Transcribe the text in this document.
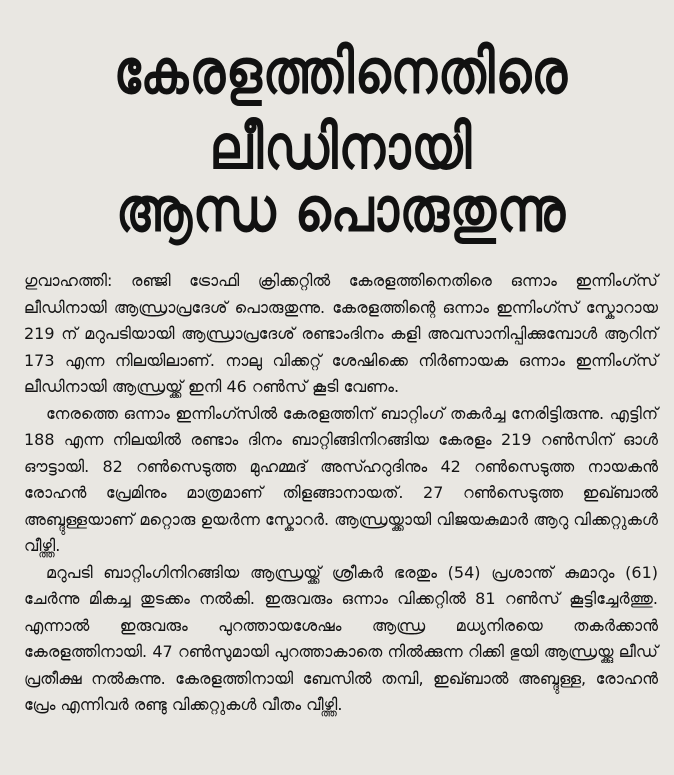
കേരളത്തിനെതിരെ ലീഡിനായി
ആന്ധ പൊരുതുന്നു

ഗുവാഹത്തി: രഞ്ജി ട്രോഫി ക്രിക്കറ്റിൽ കേരളത്തിനെതിരെ ഒന്നാം ഇന്നിംഗ്സ് ലീഡിനായി ആന്ധ്രാപ്രദേശ് പൊരുതുന്നു. കേരളത്തിന്റെ ഒന്നാം ഇന്നിംഗ്സ് സ്കോറായ 219 ന് മറുപടിയായി ആന്ധ്രാപ്രദേശ് രണ്ടാംദിനം കളി അവസാനിപ്പിക്കുമ്പോൾ ആറിന് 173 എന്ന നിലയിലാണ്. നാലു വിക്കറ്റ് ശേഷിക്കെ നിർണായക ഒന്നാം ഇന്നിംഗ്സ് ലീഡിനായി ആന്ധ്രയ്ക്ക് ഇനി 46 റൺസ് കൂടി വേണം.

നേരത്തെ ഒന്നാം ഇന്നിംഗ്സിൽ കേരളത്തിന് ബാറ്റിംഗ് തകർച്ച നേരിട്ടിരുന്നു. എട്ടിന് 188 എന്ന നിലയിൽ രണ്ടാം ദിനം ബാറ്റിങ്ങിനിറങ്ങിയ കേരളം 219 റൺസിന് ഓൾ ഔട്ടായി. 82 റൺസെടുത്ത മുഹമ്മദ് അസ്ഹറുദിനും 42 റൺസെടുത്ത നായകൻ രോഹൻ പ്രേമിനും മാത്രമാണ് തിളങ്ങാനായത്. 27 റൺസെടുത്ത ഇഖ്ബാൽ അബ്ദുള്ളയാണ് മറ്റൊരു ഉയർന്ന സ്കോറർ. ആന്ധ്രയ്ക്കായി വിജയകുമാർ ആറു വിക്കറ്റുകൾ വീഴ്ത്തി.

മറുപടി ബാറ്റിംഗിനിറങ്ങിയ ആന്ധ്രയ്ക്ക് ശ്രീകർ ഭരതും (54) പ്രശാന്ത് കുമാറും (61) ചേർന്നു മികച്ച തുടക്കം നൽകി. ഇരുവരും ഒന്നാം വിക്കറ്റിൽ 81 റൺസ് കൂട്ടിച്ചേർത്തു. എന്നാൽ ഇരുവരും പുറത്തായശേഷം ആന്ധ്ര മധ്യനിരയെ തകർക്കാൻ കേരളത്തിനായി. 47 റൺസുമായി പുറത്താകാതെ നിൽക്കുന്ന റിക്കി ഭുയി ആന്ധ്രയ്ക്കു ലീഡ് പ്രതീക്ഷ നൽകുന്നു. കേരളത്തിനായി ബേസിൽ തമ്പി, ഇഖ്ബാൽ അബ്ദുള്ള, രോഹൻ പ്രേം എന്നിവർ രണ്ടു വിക്കറ്റുകൾ വീതം വീഴ്ത്തി.
